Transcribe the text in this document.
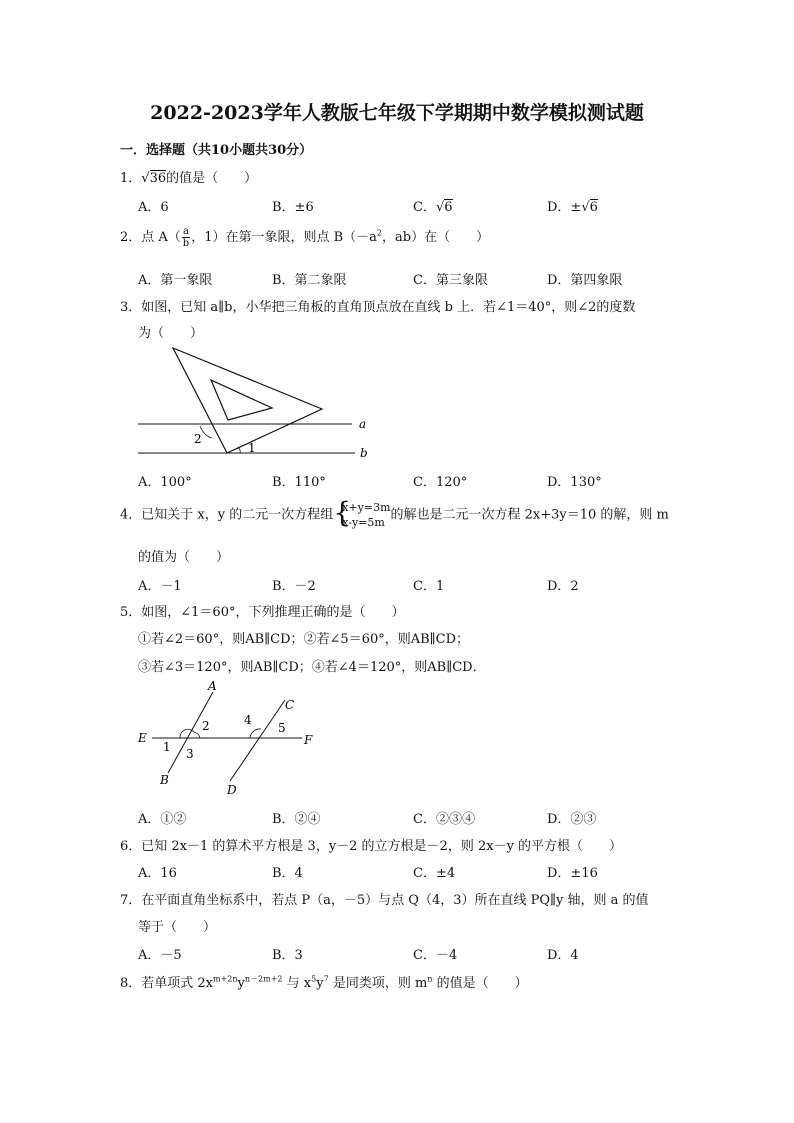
2022-2023学年人教版七年级下学期期中数学模拟测试题
一．选择题（共10小题共30分）
1．√36的值是（　　）
A．6	B．±6	C．√6	D．±√6
2．点 $A( \frac{a}{b}$ ，1）在第一象限，则点 $B(-a^2$，ab）在（　　）
A．第一象限	B．第二象限	C．第三象限	D．第四象限
3．如图，已知 a∥b，小华把三角板的直角顶点放在直线 b 上．若∠1＝40°，则∠2的度数
为（　　）
a
b
2
1
A．100°	B．110°	C．120°	D．130°
4．已知关于 x，y 的二元一次方程组 {
x+y=3m
x-y=5m 的解也是二元一次方程 2x+3y＝10 的解，则 m
的值为（　　）
A．－1	B．－2	C．1	D．2
5．如图，∠1＝60°，下列推理正确的是（　　）
①若∠2＝60°，则AB∥CD；②若∠5＝60°，则AB∥CD；
③若∠3＝120°，则AB∥CD；④若∠4＝120°，则AB∥CD．
A
B
C
D
E	F
1
2
3
4
5
A．①②	B．②④	C．②③④	D．②③
6．已知 2x－1 的算术平方根是 3，y－2 的立方根是－2，则 2x－y 的平方根（　　）
A．16	B．4	C．±4	D．±16
7．在平面直角坐标系中，若点 P（a，－5）与点 Q（4，3）所在直线 PQ∥y 轴，则 a 的值
等于（　　）
A．－5	B．3	C．－4	D．4
8．若单项式 $2x^{m+2n}y^{n-2m+2}$ 与 $x^5y^7$ 是同类项，则 $m^n$ 的值是（　　）
